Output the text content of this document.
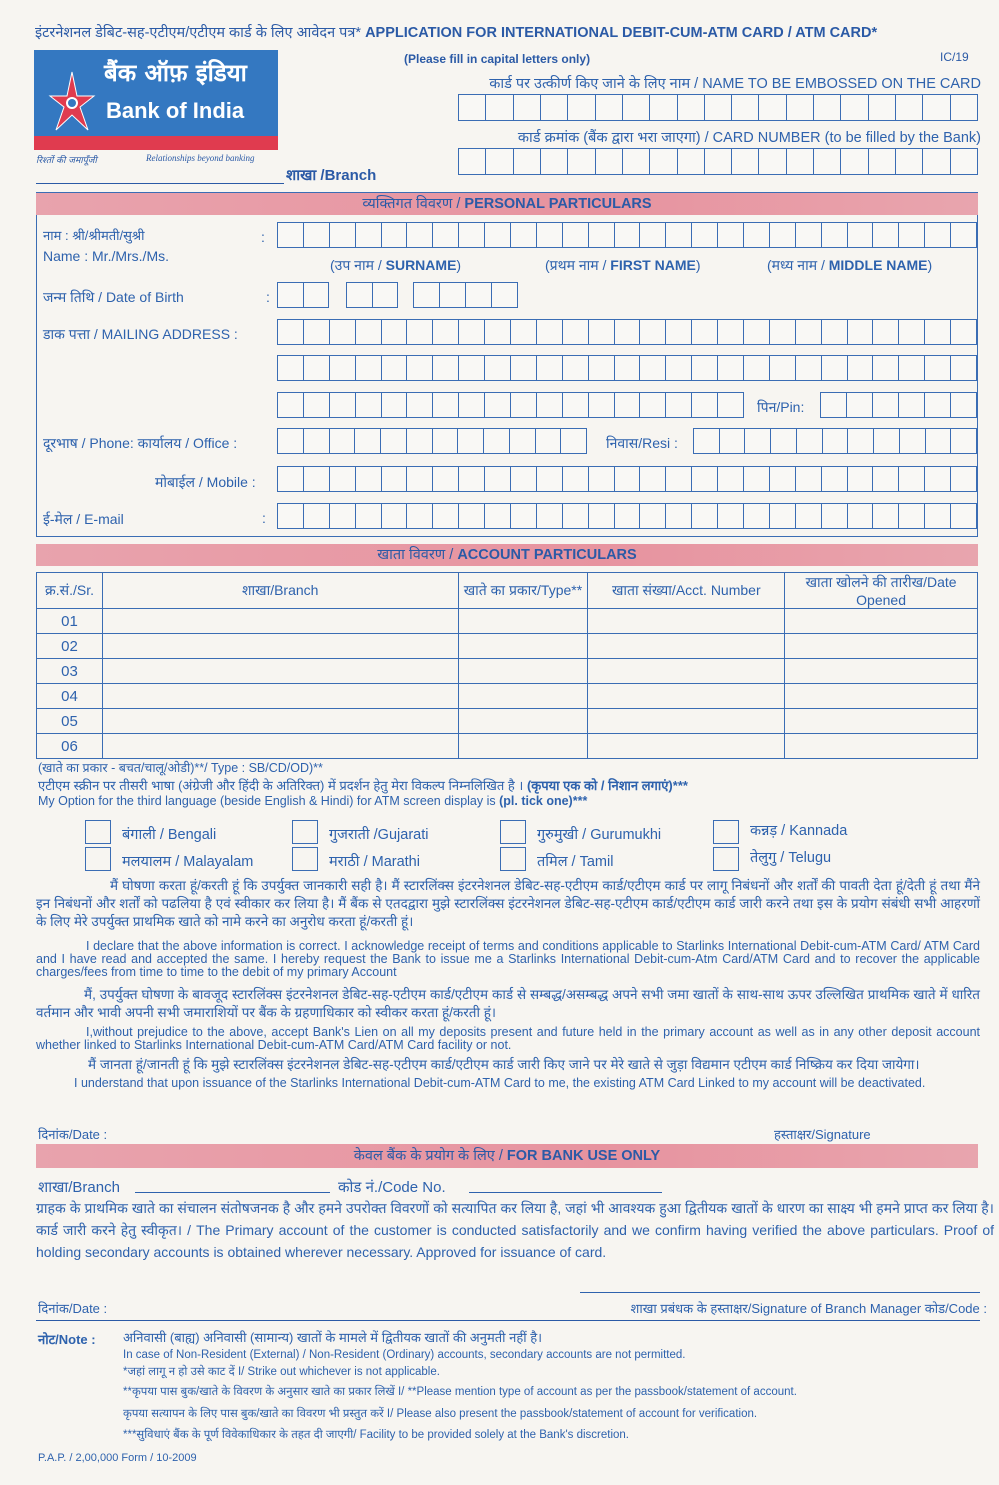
इंटरनेशनल डेबिट-सह-एटीएम/एटीएम कार्ड के लिए आवेदन पत्र* APPLICATION FOR INTERNATIONAL DEBIT-CUM-ATM CARD / ATM CARD*
(Please fill in capital letters only)	IC/19
बैंक ऑफ़ इंडिया
Bank of India
रिश्तों की जमापूँजी	Relationships beyond banking
शाखा /Branch
कार्ड पर उत्कीर्ण किए जाने के लिए नाम / NAME TO BE EMBOSSED ON THE CARD
कार्ड क्रमांक (बैंक द्वारा भरा जाएगा) / CARD NUMBER (to be filled by the Bank)
व्यक्तिगत विवरण / PERSONAL PARTICULARS
नाम : श्री/श्रीमती/सुश्री
Name : Mr./Mrs./Ms.
:
(उप नाम / SURNAME)	(प्रथम नाम / FIRST NAME)	(मध्य नाम / MIDDLE NAME)
जन्म तिथि / Date of Birth	:
डाक पत्ता / MAILING ADDRESS :
पिन/Pin:
दूरभाष / Phone: कार्यालय / Office :	निवास/Resi :
मोबाईल / Mobile :
ई-मेल / E-mail	:
खाता विवरण / ACCOUNT PARTICULARS
क्र.सं./Sr.	शाखा/Branch	खाते का प्रकार/Type**	खाता संख्या/Acct. Number	खाता खोलने की तारीख/Date Opened
01				
02				
03				
04				
05				
06				
(खाते का प्रकार - बचत/चालू/ओडी)**/ Type : SB/CD/OD)**
एटीएम स्क्रीन पर तीसरी भाषा (अंग्रेजी और हिंदी के अतिरिक्त) में प्रदर्शन हेतु मेरा विकल्प निम्नलिखित है । (कृपया एक को / निशान लगाएं)***
My Option for the third language (beside English & Hindi) for ATM screen display is (pl. tick one)***
बंगाली / Bengali	गुजराती /Gujarati	गुरुमुखी / Gurumukhi	कन्नड़ / Kannada
मलयालम / Malayalam	मराठी / Marathi	तमिल / Tamil	तेलुगु / Telugu
मैं घोषणा करता हूं/करती हूं कि उपर्युक्त जानकारी सही है। मैं स्टारलिंक्स इंटरनेशनल डेबिट-सह-एटीएम कार्ड/एटीएम कार्ड पर लागू निबंधनों और शर्तों की पावती देता हूं/देती हूं तथा मैंने इन निबंधनों और शर्तों को पढलिया है एवं स्वीकार कर लिया है। मैं बैंक से एतदद्वारा मुझे स्टारलिंक्स इंटरनेशनल डेबिट-सह-एटीएम कार्ड/एटीएम कार्ड जारी करने तथा इस के प्रयोग संबंधी सभी आहरणों के लिए मेरे उपर्युक्त प्राथमिक खाते को नामे करने का अनुरोध करता हूं/करती हूं।
I declare that the above information is correct. I acknowledge receipt of terms and conditions applicable to Starlinks International Debit-cum-ATM Card/ ATM Card and I have read and accepted the same. I hereby request the Bank to issue me a Starlinks International Debit-cum-Atm Card/ATM Card and to recover the applicable charges/fees from time to time to the debit of my primary Account
मैं, उपर्युक्त घोषणा के बावजूद स्टारलिंक्स इंटरनेशनल डेबिट-सह-एटीएम कार्ड/एटीएम कार्ड से सम्बद्ध/असम्बद्ध अपने सभी जमा खातों के साथ-साथ ऊपर उल्लिखित प्राथमिक खाते में धारित वर्तमान और भावी अपनी सभी जमाराशियों पर बैंक के ग्रहणाधिकार को स्वीकर करता हूं/करती हूं।
I,without prejudice to the above, accept Bank's Lien on all my deposits present and future held in the primary account as well as in any other deposit account whether linked to Starlinks International Debit-cum-ATM Card/ATM Card facility or not.
मैं जानता हूं/जानती हूं कि मुझे स्टारलिंक्स इंटरनेशनल डेबिट-सह-एटीएम कार्ड/एटीएम कार्ड जारी किए जाने पर मेरे खाते से जुड़ा विद्यमान एटीएम कार्ड निष्क्रिय कर दिया जायेगा।
I understand that upon issuance of the Starlinks International Debit-cum-ATM Card to me, the existing ATM Card Linked to my account will be deactivated.
दिनांक/Date :	हस्ताक्षर/Signature
केवल बैंक के प्रयोग के लिए / FOR BANK USE ONLY
शाखा/Branch	कोड नं./Code No.
ग्राहक के प्राथमिक खाते का संचालन संतोषजनक है और हमने उपरोक्त विवरणों को सत्यापित कर लिया है, जहां भी आवश्यक हुआ द्वितीयक खातों के धारण का साक्ष्य भी हमने प्राप्त कर लिया है। कार्ड जारी करने हेतु स्वीकृत। / The Primary account of the customer is conducted satisfactorily and we confirm having verified the above particulars. Proof of holding secondary accounts is obtained wherever necessary. Approved for issuance of card.
दिनांक/Date :	शाखा प्रबंधक के हस्ताक्षर/Signature of Branch Manager कोड/Code :
नोट/Note : अनिवासी (बाह्य) अनिवासी (सामान्य) खातों के मामले में द्वितीयक खातों की अनुमती नहीं है।
In case of Non-Resident (External) / Non-Resident (Ordinary) accounts, secondary accounts are not permitted.
*जहां लागू न हो उसे काट दें I/ Strike out whichever is not applicable.
**कृपया पास बुक/खाते के विवरण के अनुसार खाते का प्रकार लिखें I/ **Please mention type of account as per the passbook/statement of account.
कृपया सत्यापन के लिए पास बुक/खाते का विवरण भी प्रस्तुत करें I/ Please also present the passbook/statement of account for verification.
***सुविधाएं बैंक के पूर्ण विवेकाधिकार के तहत दी जाएगी/ Facility to be provided solely at the Bank's discretion.
P.A.P. / 2,00,000 Form / 10-2009
